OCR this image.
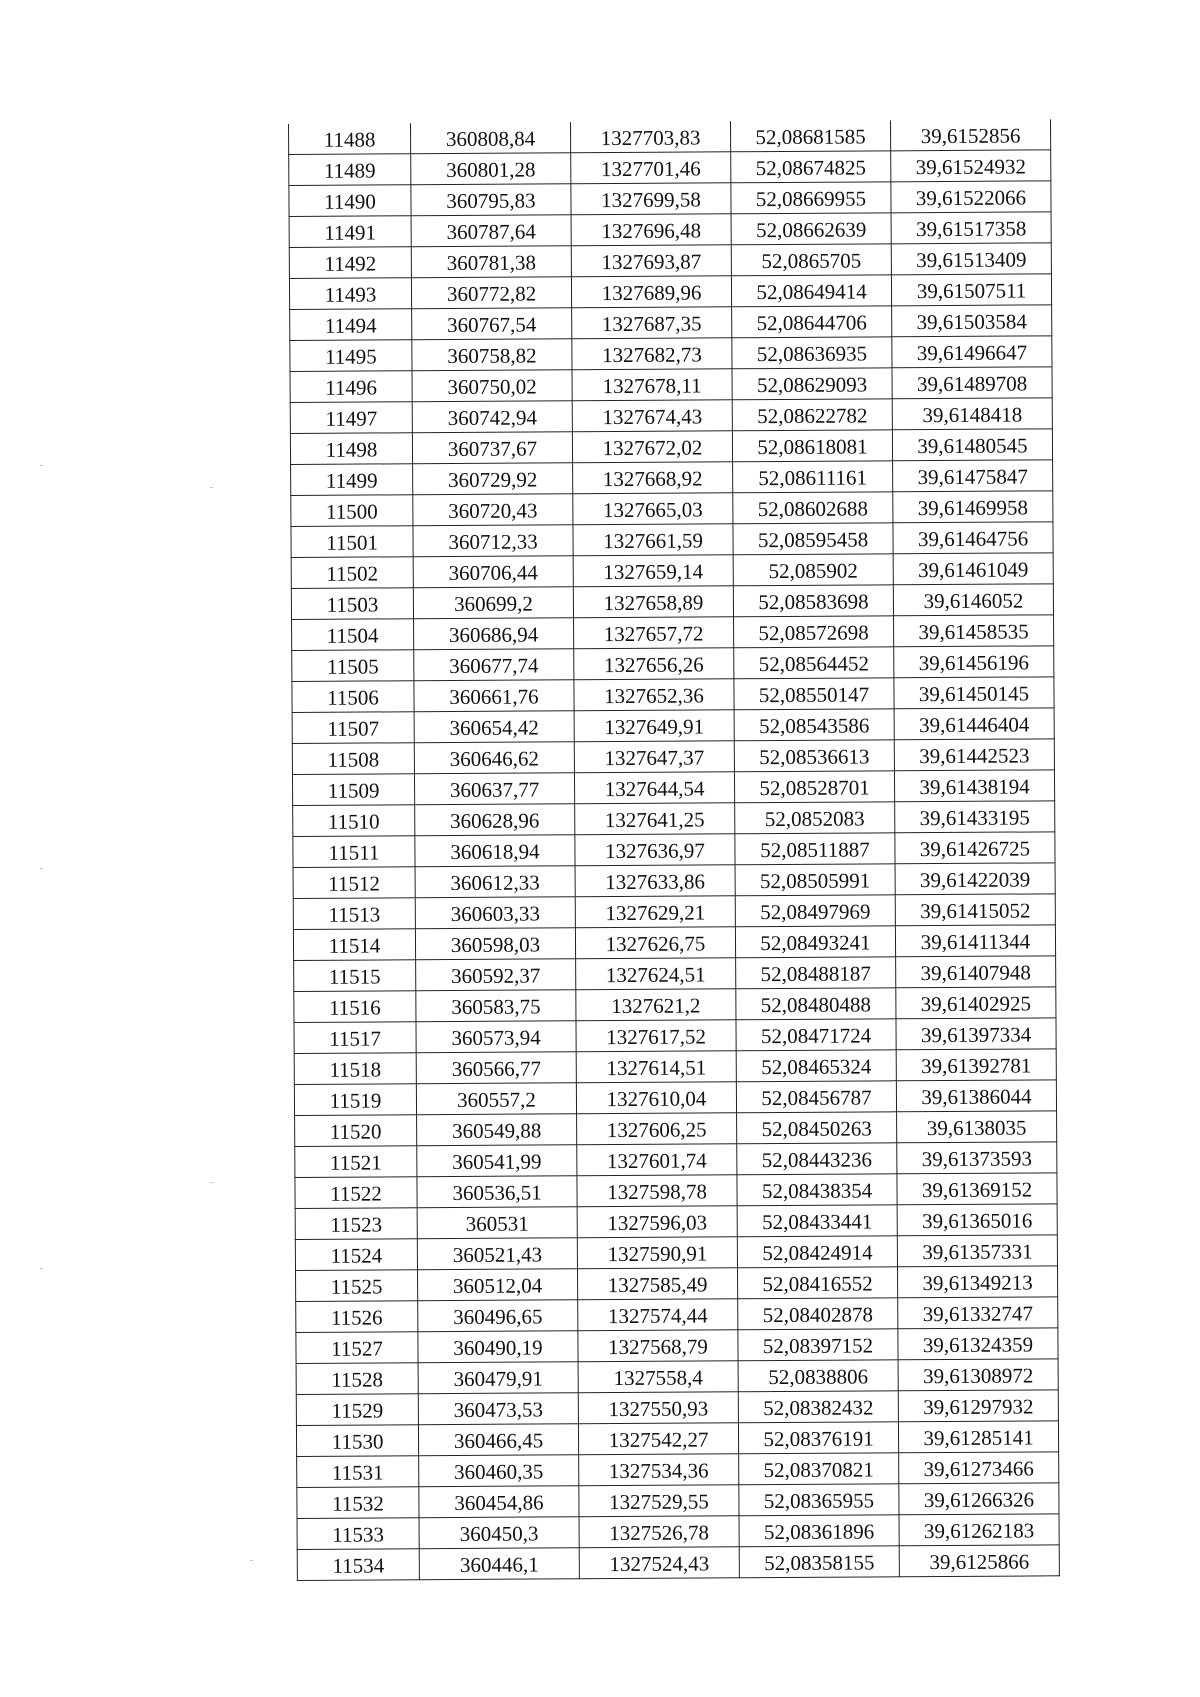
11488	360808,84	1327703,83	52,08681585	39,6152856
11489	360801,28	1327701,46	52,08674825	39,61524932
11490	360795,83	1327699,58	52,08669955	39,61522066
11491	360787,64	1327696,48	52,08662639	39,61517358
11492	360781,38	1327693,87	52,0865705	39,61513409
11493	360772,82	1327689,96	52,08649414	39,61507511
11494	360767,54	1327687,35	52,08644706	39,61503584
11495	360758,82	1327682,73	52,08636935	39,61496647
11496	360750,02	1327678,11	52,08629093	39,61489708
11497	360742,94	1327674,43	52,08622782	39,6148418
11498	360737,67	1327672,02	52,08618081	39,61480545
11499	360729,92	1327668,92	52,08611161	39,61475847
11500	360720,43	1327665,03	52,08602688	39,61469958
11501	360712,33	1327661,59	52,08595458	39,61464756
11502	360706,44	1327659,14	52,085902	39,61461049
11503	360699,2	1327658,89	52,08583698	39,6146052
11504	360686,94	1327657,72	52,08572698	39,61458535
11505	360677,74	1327656,26	52,08564452	39,61456196
11506	360661,76	1327652,36	52,08550147	39,61450145
11507	360654,42	1327649,91	52,08543586	39,61446404
11508	360646,62	1327647,37	52,08536613	39,61442523
11509	360637,77	1327644,54	52,08528701	39,61438194
11510	360628,96	1327641,25	52,0852083	39,61433195
11511	360618,94	1327636,97	52,08511887	39,61426725
11512	360612,33	1327633,86	52,08505991	39,61422039
11513	360603,33	1327629,21	52,08497969	39,61415052
11514	360598,03	1327626,75	52,08493241	39,61411344
11515	360592,37	1327624,51	52,08488187	39,61407948
11516	360583,75	1327621,2	52,08480488	39,61402925
11517	360573,94	1327617,52	52,08471724	39,61397334
11518	360566,77	1327614,51	52,08465324	39,61392781
11519	360557,2	1327610,04	52,08456787	39,61386044
11520	360549,88	1327606,25	52,08450263	39,6138035
11521	360541,99	1327601,74	52,08443236	39,61373593
11522	360536,51	1327598,78	52,08438354	39,61369152
11523	360531	1327596,03	52,08433441	39,61365016
11524	360521,43	1327590,91	52,08424914	39,61357331
11525	360512,04	1327585,49	52,08416552	39,61349213
11526	360496,65	1327574,44	52,08402878	39,61332747
11527	360490,19	1327568,79	52,08397152	39,61324359
11528	360479,91	1327558,4	52,0838806	39,61308972
11529	360473,53	1327550,93	52,08382432	39,61297932
11530	360466,45	1327542,27	52,08376191	39,61285141
11531	360460,35	1327534,36	52,08370821	39,61273466
11532	360454,86	1327529,55	52,08365955	39,61266326
11533	360450,3	1327526,78	52,08361896	39,61262183
11534	360446,1	1327524,43	52,08358155	39,6125866
